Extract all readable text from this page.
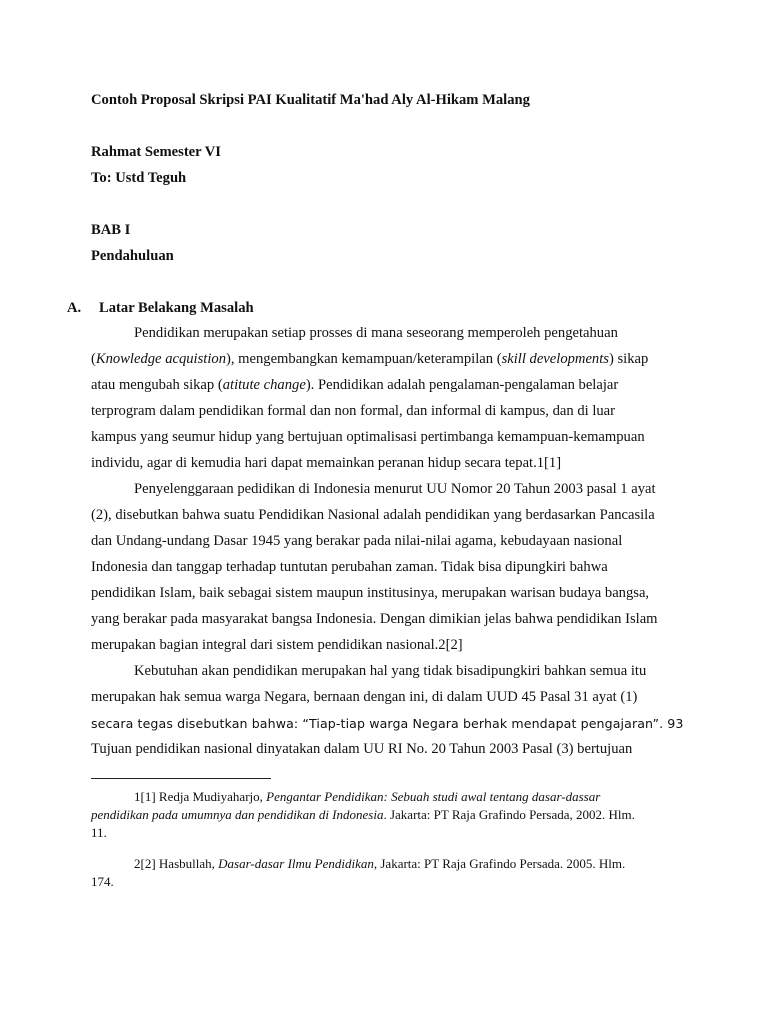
Contoh Proposal Skripsi PAI Kualitatif Ma'had Aly Al-Hikam Malang
Rahmat Semester VI
To: Ustd Teguh
BAB I
Pendahuluan
A. Latar Belakang Masalah
Pendidikan merupakan setiap prosses di mana seseorang memperoleh pengetahuan
(Knowledge acquistion), mengembangkan kemampuan/keterampilan (skill developments) sikap
atau mengubah sikap (atitute change). Pendidikan adalah pengalaman-pengalaman belajar
terprogram dalam pendidikan formal dan non formal, dan informal di kampus, dan di luar
kampus yang seumur hidup yang bertujuan optimalisasi pertimbanga kemampuan-kemampuan
individu, agar di kemudia hari dapat memainkan peranan hidup secara tepat.1[1]
Penyelenggaraan pedidikan di Indonesia menurut UU Nomor 20 Tahun 2003 pasal 1 ayat
(2), disebutkan bahwa suatu Pendidikan Nasional adalah pendidikan yang berdasarkan Pancasila
dan Undang-undang Dasar 1945 yang berakar pada nilai-nilai agama, kebudayaan nasional
Indonesia dan tanggap terhadap tuntutan perubahan zaman. Tidak bisa dipungkiri bahwa
pendidikan Islam, baik sebagai sistem maupun institusinya, merupakan warisan budaya bangsa,
yang berakar pada masyarakat bangsa Indonesia. Dengan dimikian jelas bahwa pendidikan Islam
merupakan bagian integral dari sistem pendidikan nasional.2[2]
Kebutuhan akan pendidikan merupakan hal yang tidak bisadipungkiri bahkan semua itu
merupakan hak semua warga Negara, bernaan dengan ini, di dalam UUD 45 Pasal 31 ayat (1)
secara tegas disebutkan bahwa: “Tiap-tiap warga Negara berhak mendapat pengajaran”. 93
Tujuan pendidikan nasional dinyatakan dalam UU RI No. 20 Tahun 2003 Pasal (3) bertujuan
1[1] Redja Mudiyaharjo, Pengantar Pendidikan: Sebuah studi awal tentang dasar-dassar
pendidikan pada umumnya dan pendidikan di Indonesia. Jakarta: PT Raja Grafindo Persada, 2002. Hlm.
11.
2[2] Hasbullah, Dasar-dasar Ilmu Pendidikan, Jakarta: PT Raja Grafindo Persada. 2005. Hlm.
174.
